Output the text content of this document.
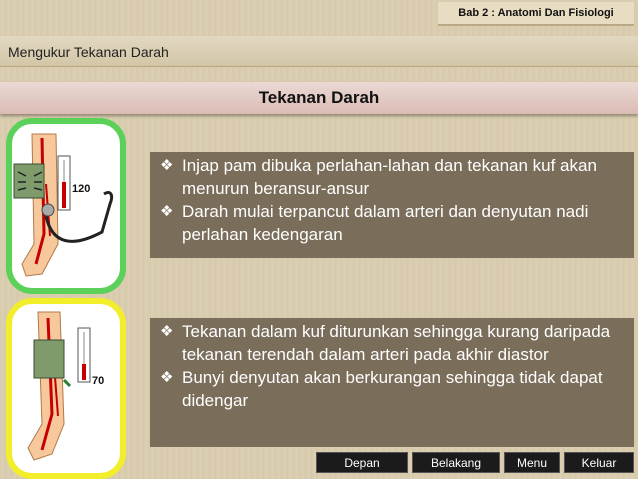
Bab 2 : Anatomi Dan Fisiologi
Mengukur Tekanan Darah
Tekanan Darah
120
70
❖ Injap pam dibuka perlahan-lahan dan tekanan kuf akan menurun beransur-ansur
❖ Darah mulai terpancut dalam arteri dan denyutan nadi perlahan kedengaran
❖ Tekanan dalam kuf diturunkan sehingga kurang daripada tekanan terendah dalam arteri pada akhir diastor
❖ Bunyi denyutan akan berkurangan sehingga tidak dapat didengar
Depan	Belakang	Menu	Keluar
